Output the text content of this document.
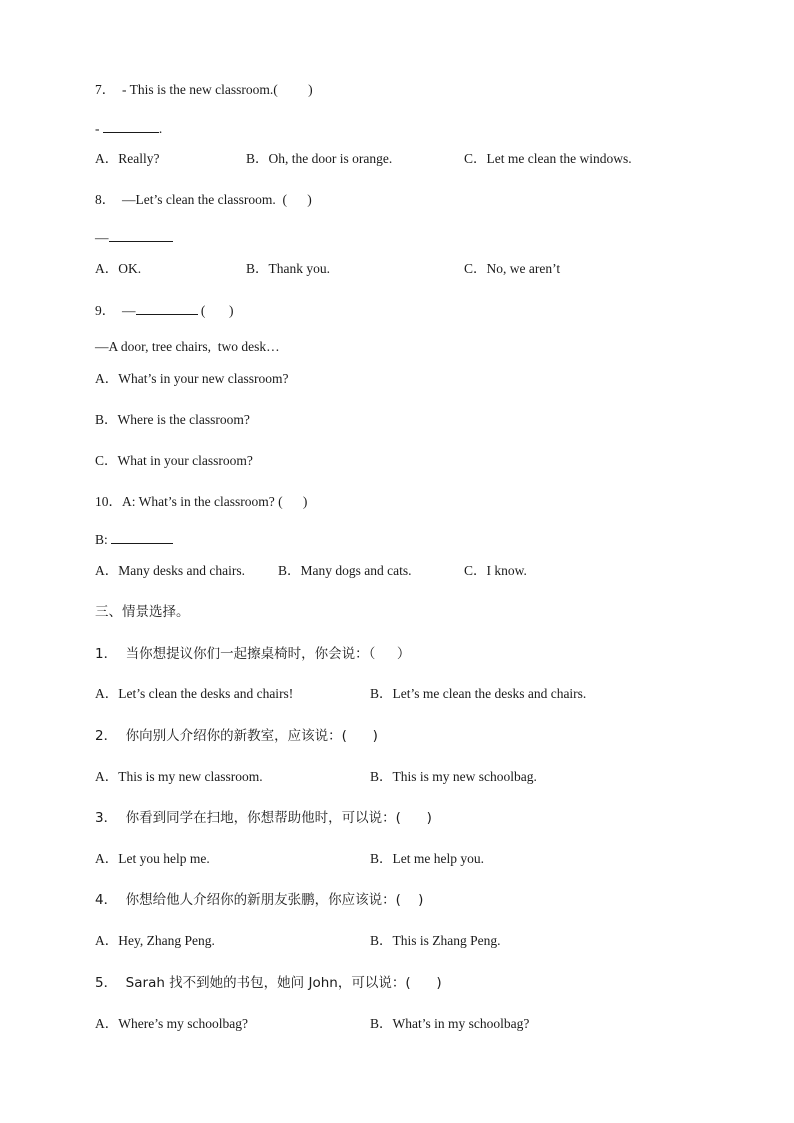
7．  - This is the new classroom.(         )
-	.
A．Really?	B．Oh, the door is orange.	C．Let me clean the windows.
8．  —Let’s clean the classroom.  (      )
—
A．OK.	B．Thank you.	C．No, we aren’t
9．  —	(       )
—A door, tree chairs,  two desk…
A．What’s in your new classroom?
B．Where is the classroom?
C．What in your classroom?
10．A: What’s in the classroom? (      )
B:
A．Many desks and chairs. B．Many dogs and cats.	C．I know.
三、情景选择。
1．  当你想提议你们一起擦桌椅时，你会说：（     ）
A．Let’s clean the desks and chairs!	B．Let’s me clean the desks and chairs.
2．  你向别人介绍你的新教室，应该说：(      )
A．This is my new classroom.	B．This is my new schoolbag.
3．  你看到同学在扫地，你想帮助他时，可以说：(      )
A．Let you help me.	B．Let me help you.
4．  你想给他人介绍你的新朋友张鹏，你应该说：(    )
A．Hey, Zhang Peng.	B．This is Zhang Peng.
5．  Sarah 找不到她的书包，她问 John，可以说：(      )
A．Where’s my schoolbag?	B．What’s in my schoolbag?
